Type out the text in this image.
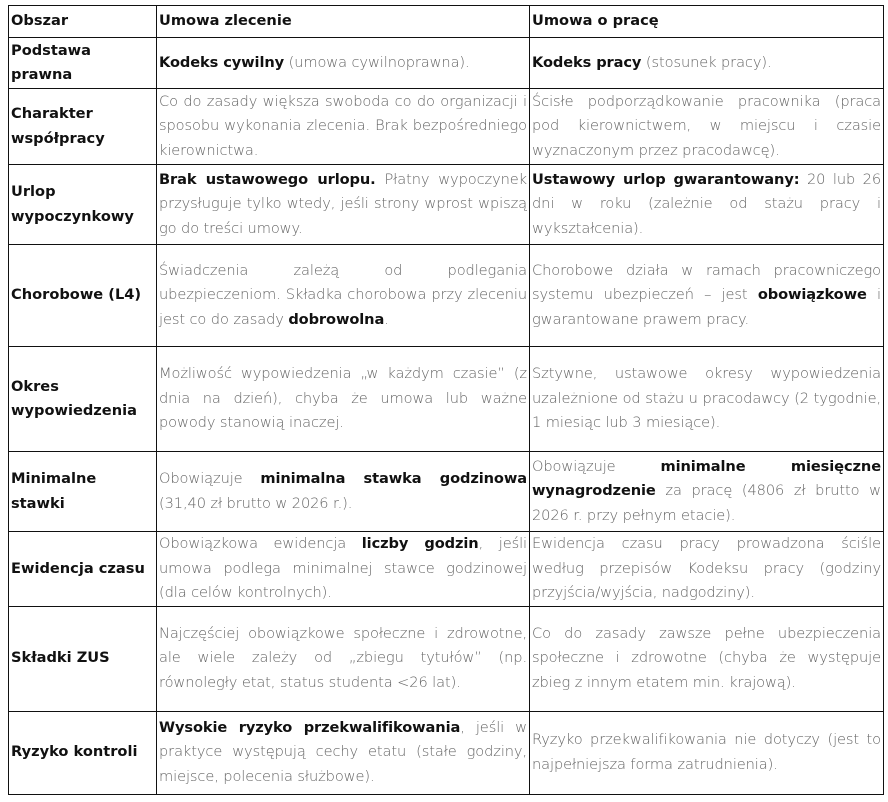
Obszar	Umowa zlecenie	Umowa o pracę
Podstawa prawna	Kodeks cywilny (umowa cywilnoprawna).	Kodeks pracy (stosunek pracy).
Charakter współpracy	Co do zasady większa swoboda co do organizacji i sposobu wykonania zlecenia. Brak bezpośredniego kierownictwa.	Ścisłe podporządkowanie pracownika (praca pod kierownictwem, w miejscu i czasie wyznaczonym przez pracodawcę).
Urlop wypoczynkowy	Brak ustawowego urlopu. Płatny wypoczynek przysługuje tylko wtedy, jeśli strony wprost wpiszą go do treści umowy.	Ustawowy urlop gwarantowany: 20 lub 26 dni w roku (zależnie od stażu pracy i wykształcenia).
Chorobowe (L4)	Świadczenia zależą od podlegania ubezpieczeniom. Składka chorobowa przy zleceniu jest co do zasady dobrowolna.	Chorobowe działa w ramach pracowniczego systemu ubezpieczeń – jest obowiązkowe i gwarantowane prawem pracy.
Okres wypowiedzenia	Możliwość wypowiedzenia „w każdym czasie” (z dnia na dzień), chyba że umowa lub ważne powody stanowią inaczej.	Sztywne, ustawowe okresy wypowiedzenia uzależnione od stażu u pracodawcy (2 tygodnie, 1 miesiąc lub 3 miesiące).
Minimalne stawki	Obowiązuje minimalna stawka godzinowa (31,40 zł brutto w 2026 r.).	Obowiązuje minimalne miesięczne wynagrodzenie za pracę (4806 zł brutto w 2026 r. przy pełnym etacie).
Ewidencja czasu	Obowiązkowa ewidencja liczby godzin, jeśli umowa podlega minimalnej stawce godzinowej (dla celów kontrolnych).	Ewidencja czasu pracy prowadzona ściśle według przepisów Kodeksu pracy (godziny przyjścia/wyjścia, nadgodziny).
Składki ZUS	Najczęściej obowiązkowe społeczne i zdrowotne, ale wiele zależy od „zbiegu tytułów” (np. równoległy etat, status studenta <26 lat).	Co do zasady zawsze pełne ubezpieczenia społeczne i zdrowotne (chyba że występuje zbieg z innym etatem min. krajową).
Ryzyko kontroli	Wysokie ryzyko przekwalifikowania, jeśli w praktyce występują cechy etatu (stałe godziny, miejsce, polecenia służbowe).	Ryzyko przekwalifikowania nie dotyczy (jest to najpełniejsza forma zatrudnienia).
